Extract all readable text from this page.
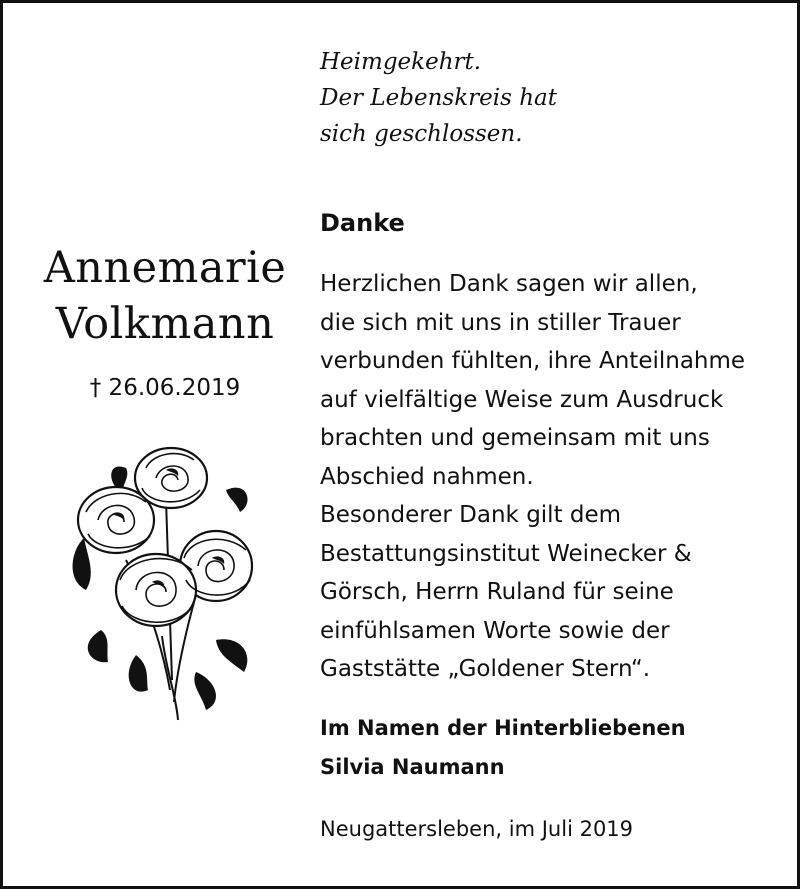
Heimgekehrt.
Der Lebenskreis hat
sich geschlossen.
Annemarie
Volkmann
† 26.06.2019
Danke
Herzlichen Dank sagen wir allen,
die sich mit uns in stiller Trauer
verbunden fühlten, ihre Anteilnahme
auf vielfältige Weise zum Ausdruck
brachten und gemeinsam mit uns
Abschied nahmen.
Besonderer Dank gilt dem
Bestattungsinstitut Weinecker &
Görsch, Herrn Ruland für seine
einfühlsamen Worte sowie der
Gaststätte „Goldener Stern“.
Im Namen der Hinterbliebenen
Silvia Naumann
Neugattersleben, im Juli 2019
